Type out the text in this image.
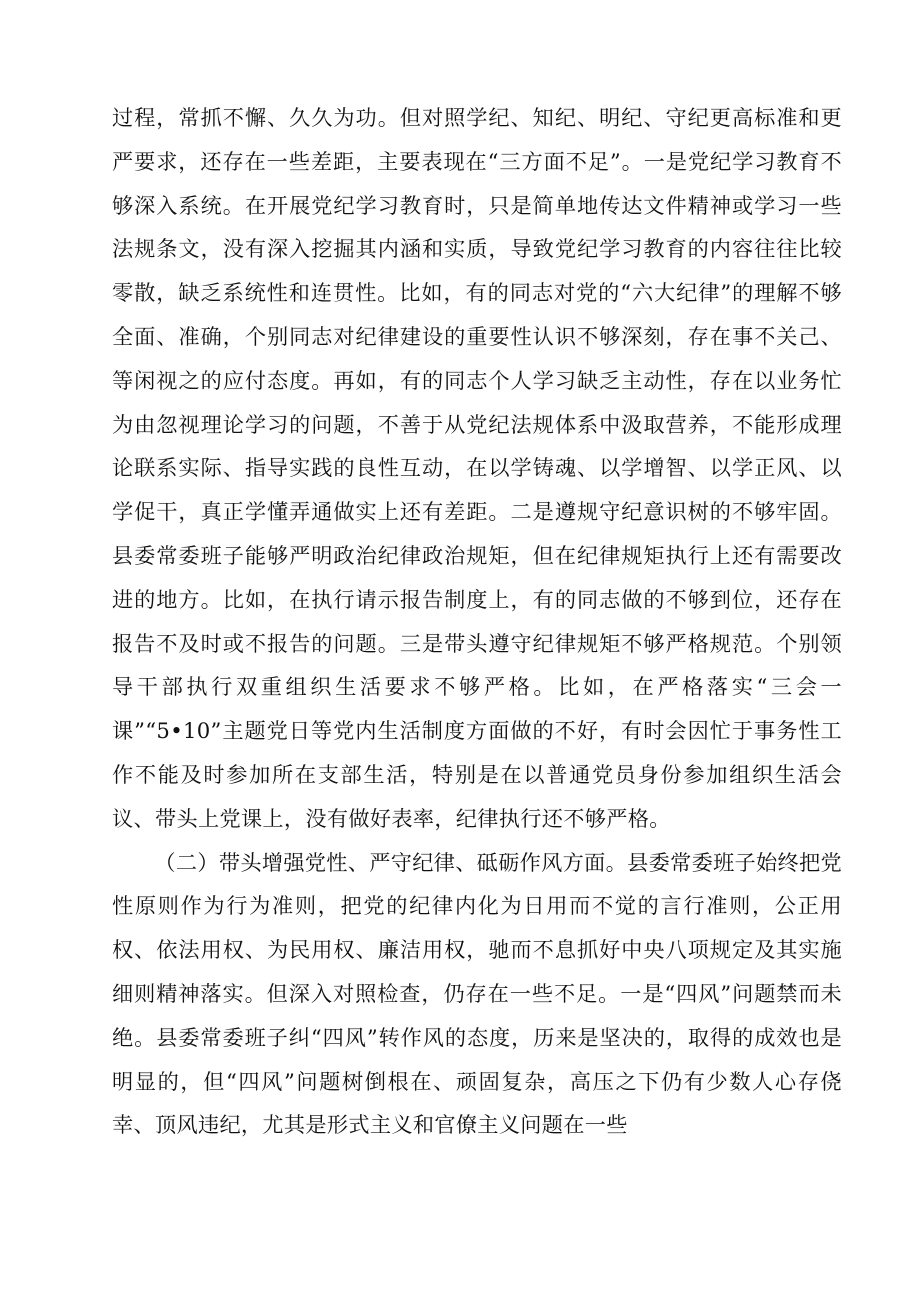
过程，常抓不懈、久久为功。但对照学纪、知纪、明纪、守纪更高标准和更严要求，还存在一些差距，主要表现在“三方面不足”。一是党纪学习教育不够深入系统。在开展党纪学习教育时，只是简单地传达文件精神或学习一些法规条文，没有深入挖掘其内涵和实质，导致党纪学习教育的内容往往比较零散，缺乏系统性和连贯性。比如，有的同志对党的“六大纪律”的理解不够全面、准确，个别同志对纪律建设的重要性认识不够深刻，存在事不关己、等闲视之的应付态度。再如，有的同志个人学习缺乏主动性，存在以业务忙为由忽视理论学习的问题，不善于从党纪法规体系中汲取营养，不能形成理论联系实际、指导实践的良性互动，在以学铸魂、以学增智、以学正风、以学促干，真正学懂弄通做实上还有差距。二是遵规守纪意识树的不够牢固。县委常委班子能够严明政治纪律政治规矩，但在纪律规矩执行上还有需要改进的地方。比如，在执行请示报告制度上，有的同志做的不够到位，还存在报告不及时或不报告的问题。三是带头遵守纪律规矩不够严格规范。个别领导干部执行双重组织生活要求不够严格。比如，在严格落实“三会一课”“5•10”主题党日等党内生活制度方面做的不好，有时会因忙于事务性工作不能及时参加所在支部生活，特别是在以普通党员身份参加组织生活会议、带头上党课上，没有做好表率，纪律执行还不够严格。

（二）带头增强党性、严守纪律、砥砺作风方面。县委常委班子始终把党性原则作为行为准则，把党的纪律内化为日用而不觉的言行准则，公正用权、依法用权、为民用权、廉洁用权，驰而不息抓好中央八项规定及其实施细则精神落实。但深入对照检查，仍存在一些不足。一是“四风”问题禁而未绝。县委常委班子纠“四风”转作风的态度，历来是坚决的，取得的成效也是明显的，但“四风”问题树倒根在、顽固复杂，高压之下仍有少数人心存侥幸、顶风违纪，尤其是形式主义和官僚主义问题在一些
